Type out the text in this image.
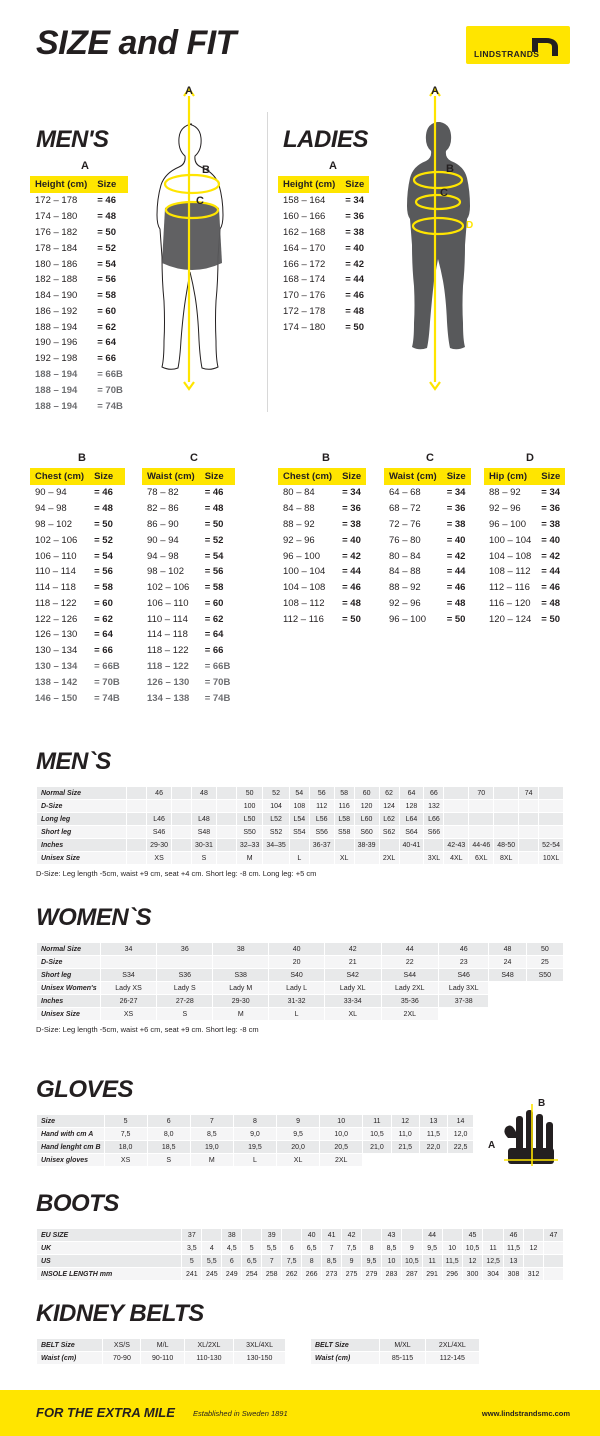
SIZE and FIT	LINDSTRANDS
MEN'S
A
B
C
LADIES
A
B
C
D
A
Height (cm)	Size
172 – 178	= 46
174 – 180	= 48
176 – 182	= 50
178 – 184	= 52
180 – 186	= 54
182 – 188	= 56
184 – 190	= 58
186 – 192	= 60
188 – 194	= 62
190 – 196	= 64
192 – 198	= 66
188 – 194	= 66B
188 – 194	= 70B
188 – 194	= 74B
A
Height (cm)	Size
158 – 164	= 34
160 – 166	= 36
162 – 168	= 38
164 – 170	= 40
166 – 172	= 42
168 – 174	= 44
170 – 176	= 46
172 – 178	= 48
174 – 180	= 50
B
Chest (cm)	Size
90 – 94	= 46
94 – 98	= 48
98 – 102	= 50
102 – 106	= 52
106 – 110	= 54
110 – 114	= 56
114 – 118	= 58
118 – 122	= 60
122 – 126	= 62
126 – 130	= 64
130 – 134	= 66
130 – 134	= 66B
138 – 142	= 70B
146 – 150	= 74B
C
Waist (cm)	Size
78 – 82	= 46
82 – 86	= 48
86 – 90	= 50
90 – 94	= 52
94 – 98	= 54
98 – 102	= 56
102 – 106	= 58
106 – 110	= 60
110 – 114	= 62
114 – 118	= 64
118 – 122	= 66
118 – 122	= 66B
126 – 130	= 70B
134 – 138	= 74B
B
Chest (cm)	Size
80 – 84	= 34
84 – 88	= 36
88 – 92	= 38
92 – 96	= 40
96 – 100	= 42
100 – 104	= 44
104 – 108	= 46
108 – 112	= 48
112 – 116	= 50
C
Waist (cm)	Size
64 – 68	= 34
68 – 72	= 36
72 – 76	= 38
76 – 80	= 40
80 – 84	= 42
84 – 88	= 44
88 – 92	= 46
92 – 96	= 48
96 – 100	= 50
D
Hip (cm)	Size
88 – 92	= 34
92 – 96	= 36
96 – 100	= 38
100 – 104	= 40
104 – 108	= 42
108 – 112	= 44
112 – 116	= 46
116 – 120	= 48
120 – 124	= 50
MEN`S
Normal Size		46		48		50	52	54	56	58	60	62	64	66		70		74	
D-Size						100	104	108	112	116	120	124	128	132					
Long leg		L46		L48		L50	L52	L54	L56	L58	L60	L62	L64	L66					
Short leg		S46		S48		S50	S52	S54	S56	S58	S60	S62	S64	S66					
Inches		29-30		30-31		32–33	34–35		36-37		38-39		40-41		42-43	44-46	48-50		52-54
Unisex Size		XS		S		M		L		XL		2XL		3XL	4XL	6XL	8XL		10XL
D-Size: Leg length -5cm, waist +9 cm, seat +4 cm. Short leg: -8 cm. Long leg: +5 cm
WOMEN`S
Normal Size	34	36	38	40	42	44	46	48	50
D-Size				20	21	22	23	24	25
Short leg	S34	S36	S38	S40	S42	S44	S46	S48	S50
Unisex Women's	Lady XS	Lady S	Lady M	Lady L	Lady XL	Lady 2XL	Lady 3XL		
Inches	26-27	27-28	29-30	31-32	33-34	35-36	37-38		
Unisex Size	XS	S	M	L	XL	2XL			
D-Size: Leg length -5cm, waist +6 cm, seat +9 cm. Short leg: -8 cm
GLOVES
Size	5	6	7	8	9	10	11	12	13	14
Hand with cm A	7,5	8,0	8,5	9,0	9,5	10,0	10,5	11,0	11,5	12,0
Hand lenght cm B	18,0	18,5	19,0	19,5	20,0	20,5	21,0	21,5	22,0	22,5
Unisex gloves	XS	S	M	L	XL	2XL				
A
B
BOOTS
EU SIZE	37		38		39		40	41	42		43		44		45		46		47
UK	3,5	4	4,5	5	5,5	6	6,5	7	7,5	8	8,5	9	9,5	10	10,5	11	11,5	12	
US	5	5,5	6	6,5	7	7,5	8	8,5	9	9,5	10	10,5	11	11,5	12	12,5	13		
INSOLE LENGTH mm	241	245	249	254	258	262	266	273	275	279	283	287	291	296	300	304	308	312	
KIDNEY BELTS
BELT Size	XS/S	M/L	XL/2XL	3XL/4XL
Waist (cm)	70-90	90-110	110-130	130-150
BELT Size	M/XL	2XL/4XL
Waist (cm)	85-115	112-145
FOR THE EXTRA MILE Established in Sweden 1891	www.lindstrandsmc.com
